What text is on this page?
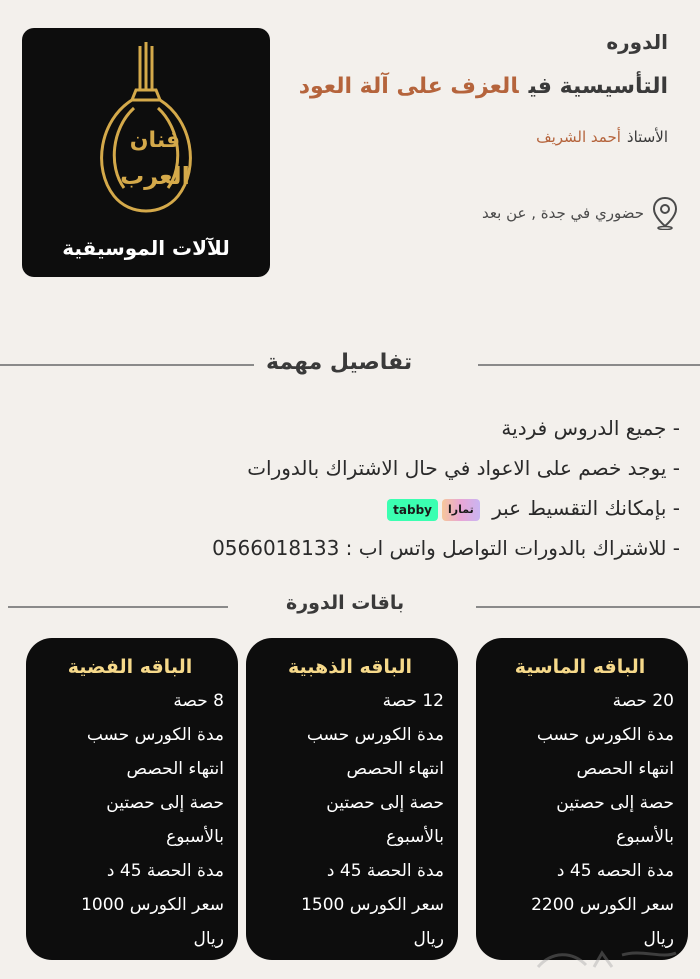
فنان
العرب
للآلات الموسيقية
الدوره
التأسيسية فيالعزف على آلة العود
الأستاذأحمد الشريف
حضوري في جدة , عن بعد
تفاصيل مهمة
- جميع الدروس فردية
- يوجد خصم على الاعواد في حال الاشتراك بالدورات
- بإمكانك التقسيط عبر تماراtabby
- للاشتراك بالدورات التواصل واتس اب : 0566018133
باقات الدورة
الباقه الماسية
20 حصة
مدة الكورس حسب
انتهاء الحصص
حصة إلى حصتين
بالأسبوع
مدة الحصه 45 د
سعر الكورس 2200
ريال
الباقه الذهبية
12 حصة
مدة الكورس حسب
انتهاء الحصص
حصة إلى حصتين
بالأسبوع
مدة الحصة 45 د
سعر الكورس 1500
ريال
الباقه الفضية
8 حصة
مدة الكورس حسب
انتهاء الحصص
حصة إلى حصتين
بالأسبوع
مدة الحصة 45 د
سعر الكورس 1000
ريال
